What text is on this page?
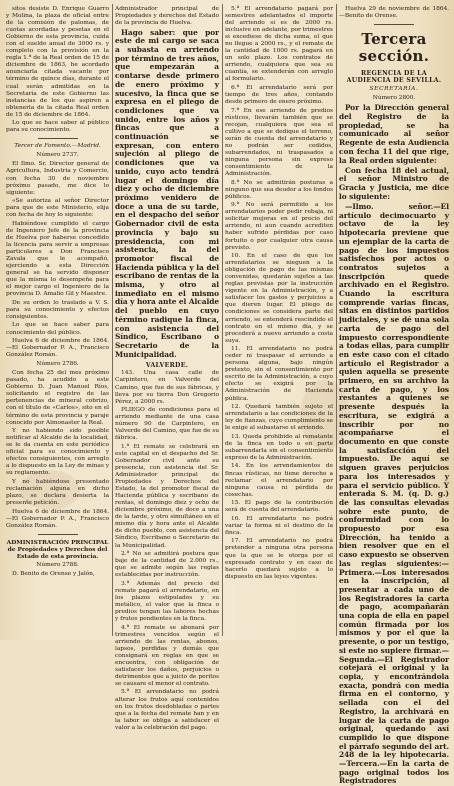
sitos desiste D. Enrique Guarro y Molina, la plaza de oficial entre de la comisión de palomas, de cuotas acordadas y pesetas en el Gobierno de esta provincia, cuida con el sueldo anual de 3000 rs. y completo con la provisión en la regla 1.ª de la Real orden de 15 de diciembre de 1863, he acordado anunciarla citada vacante por término de quince días, durante el cual serán admitidas en la Secretaría de este Gobierno las instancias de los que aspiren a obtenerla de la citada Real orden de 15 de diciembre de 1864.

Lo que se hace saber al público para su conocimiento.

Tercer de Fomento.—Madrid.

Número 2737.

El Ilmo. Sr. Director general de Agricultura, Industria y Comercio, con fecha 30 de noviembre próximo pasado, me dice lo siguiente:

«Se autoriza al señor Director para que de este Ministerio, elija con fecha de hoy lo siguiente:

Habiéndose cumplido el cargo de Ingeniero Jefe de la provincia de Huelva por haberse concedido la licencia para servir a empresas particulares a Don Francisco Zavala que le acompañó, ejerciendo a esta Dirección general se ha servido disponer que la misma lo desempeñe para el mejor cargo el Ingeniero de la provincia D. Amalio Gil y Maestre.

De su orden lo traslado a V. S. para su conocimiento y efectos consiguientes.

Lo que se hace saber para conocimiento del público.

Huelva 6 de diciembre de 1864.—El Gobernador P. A., Francisco González Román.

Número 2786.

Con fecha 25 del mes próximo pasado, ha acudido a este Gobierno D. Juan Manuel Ríos, solicitando el registro de las pertenencias de mineral cobrizo, con el título de «Carlos», sito en el término de esta provincia y paraje conocido por Almonaster la Real.

Y no habiendo sido posible notificar al Alcalde de la localidad, se le da cuenta en este periódico oficial para su conocimiento y efectos consiguientes, con arreglo a lo dispuesto en la Ley de minas y su reglamento.

Y no habiéndose presentado reclamación alguna en dicho plazo, se declara desierta la presente petición.

Huelva 6 de diciembre de 1864.—El Gobernador P. A., Francisco González Román.

ADMINISTRACIÓN PRINCIPAL de Propiedades y Derechos del Estado de esta provincia.

Número 2788.

D. Benito de Orense y Jalón,

Administrador principal de Propiedades y derechos del Estado de la provincia de Huelva.

Hago saber: que por este de mi cargo se saca a subasta en arriendo por término de tres años, que empezarán a contarse desde primero de enero próximo y sucesivo, la finca que se expresa en el pliego de condiciones que va unido, entre los años y fincas que a continuación se expresan, con entero sujeción al pliego de condiciones que va unido, cuyo acto tendrá lugar el domingo día diez y ocho de diciembre próximo venidero de doce a una de su tarde, en el despacho del señor Gobernador civil de esta provincia y bajo su presidencia, con mi asistencia, la del promotor fiscal de Hacienda pública y la del escribano de rentas de la misma, y otro al inmediato en el mismo día y hora ante el Alcalde del pueblo en cuyo término radique la finca, con asistencia del Síndico, Escribano o Secretario de la Municipalidad.

VALVERDE.

143. Una casa calle de Carpintero, en Valverde del Camino, que fue de sus fábricas, y lleva por su tierra Don Gregorio Pérez, a 2000 rs.

PLIEGO de condiciones para el arriendo mediante de una casa número 90 de Carpintero, en Valverde del Camino, que fue de su fábrica.

1.ª El remate se celebrará en este capital en el despacho del Sr. Gobernador civil ante su presencia, con asistencia del Sr. Administrador principal de Propiedades y Derechos del Estado, la del promotor fiscal de Hacienda pública y escribano de rentas, el domingo diez y ocho de diciembre próximo, de doce a una de la tarde, y otro simultáneo en el mismo día y hora ante el Alcalde de dicho pueblo, con asistencia del Síndico, Escribano o Secretario de la Municipalidad.

2.ª No se admitirá postura que baje de la cantidad de 2.000 rs., que se admite según las reglas establecidas por instrucción.

3.ª Además del precio del remate pagará el arrendatario, en los plazos estipulados y su metálico, el valor que la finca o predios tengan las labores hechas y frutos pendientes en la finca.

4.ª El remate se abonará por trimestres vencidos según el arriendo de las rentas, abonos, lapsos, perdidas y demás que consignará en reglas en que se encuentra, con obligación de satisfacer los daños, perjuicios o detrimentos que a juicio de peritos se causare el menor el contrato.

5.ª El arrendatario no podrá alterar los frutos aquí contenidos en los frutos desdobladas o partes que a la fecha del remate han y en la labor se obliga a satisfacer el valor a la celebración del pago.

5.ª El arrendatario pagará por semestres adelantados el importe del arriendo si es de 2000 rs. inclusive en adelante, por trimestres si excediese de dicha suma, el que no llegue a 2000 rs., y el remate de la cantidad de 1000 rs. pagará en un solo plazo. Los contratos de arriendo, cualquiera que sea su cuantía, se extenderán con arreglo al formulario.

6.ª El arrendatario será por tiempo de tres años, contando desde primero de enero próximo.

7.ª En ese arriendo de predios rústicos, llevarán también que se recojan, cualquiera que sea el cultivo a que se dedique el terreno, serán de cuenta del arrendatario y no podrán ser cedidos, subarrendados, ni traspasados a ninguna persona sin expreso consentimiento de la Administración.

8.ª No se admitirán posturas a ninguno que sea deudor a los fondos públicos.

9.ª No será permitido a los arrendatarios poder pedir rebaja, ni solicitar mejoras en el precio del arriendo, ni aun cuando acrediten haber sufrido pérdidas por caso fortuito o por cualquier otra causa previsto.

10. En el caso de que los arrendatarios se nieguen a la obligación de pago de las mismas convenidas, quedarán sujetos a las reglas previstas por la instrucción vigente en la Administración, y a satisfacer los gastos y perjuicios a que dieren lugar. El pliego de condiciones se considera parte del arriendo, se entenderá rescindido el contrato en el mismo día, y se procederá a nuevo arriendo a costa suya.

11. El arrendatario no podrá ceder ni traspasar el arriendo a persona alguna, bajo ningún pretexto, sin el consentimiento por escrito de la Administración, a cuyo efecto se exigirá por la Administración de Hacienda pública.

12. Quedará también sujeto el arrendatario a las condiciones de la ley de fianzas, cuyo cumplimiento se le exige al subastarse el arriendo.

13. Queda prohibido al rematante de la finca en todo o en parte subarrendarla sin el consentimiento expreso de la Administración.

14. En los arrendamientos de fincas rústicas, no tiene derecho a reclamar el arrendatario por ninguna causa ni pérdida de cosechas.

15. El pago de la contribución será de cuenta del arrendatario.

16. El arrendatario no podrá variar la forma ni el destino de la finca.

17. El arrendatario no podrá pretender a ninguna otra persona que la que se le otorga por el expresado contrato y en caso de hacerlo quedará sujeto a lo dispuesto en las leyes vigentes.

Huelva 29 de noviembre de 1864.—Benito de Orense.

Tercera sección.

REGENCIA DE LA AUDIENCIA DE SEVILLA.

SECRETARÍA.

Número 2800.

Por la Dirección general del Registro de la propiedad, se ha comunicado al señor Regente de esta Audiencia con fecha 11 del que rige, la Real orden siguiente:

Con fecha 18 del actual, el señor Ministro de Gracia y Justicia, me dice lo siguiente:

—Ilmo. señor.—El artículo decimocuarto y octavo de la ley hipotecaria previene que un ejemplar de la carta de pago de los impuestos satisfechos por actos o contratos sujetos a inscripción quede archivado en el Registro. Cuando la escritura comprende varias fincas, sitas en distintos partidos judiciales, y se dé una sola carta de pago del impuesto correspondiente a todas ellas, para cumplir en este caso con el citado artículo el Registrador a quien aquella se presente primero, en su archivo la carta de pago, y los restantes a quienes se presente después la escritura, se exigirá a inscribir por no acompañarse el documento en que conste la satisfacción del impuesto. De aquí se siguen graves perjuicios para los interesados y para el servicio público. Y enterada S. M. (q. D. g.) de las consultas elevadas sobre este punto, de conformidad con lo propuesto por esa Dirección, ha tenido a bien resolver que en el caso expuesto se observen las reglas siguientes:—Primera.—Los interesados en la inscripción, al presentar a cada uno de los Registradores la carta de pago, acompañarán una copia de ella en papel común firmada por los mismos y por el que la presente, o por un testigo, si este no supiere firmar.—Segunda.—El Registrador cotejará el original y la copia, y encontrándola exacta, pondrá con media firma en el contorno, y sellada con el del Registro, la archivará en lugar de la carta de pago original, quedando así cumplido lo que dispone el párrafo segundo del art. 248 de la ley hipotecaria.—Tercera.—En la carta de pago original todos los Registradores
